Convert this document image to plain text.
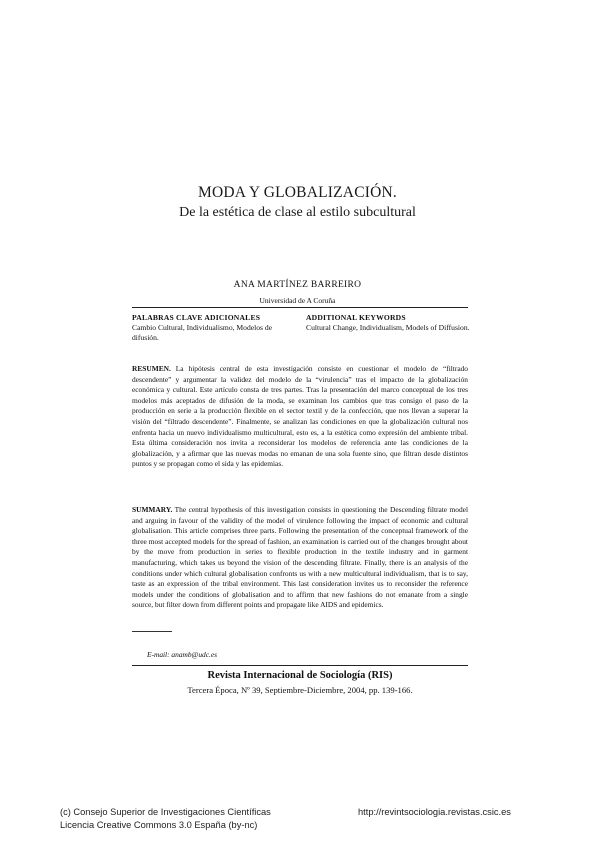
MODA Y GLOBALIZACIÓN.
De la estética de clase al estilo subcultural
ANA MARTÍNEZ BARREIRO
Universidad de A Coruña
PALABRAS CLAVE ADICIONALES
Cambio Cultural, Individualismo, Modelos de difusión.
ADDITIONAL KEYWORDS
Cultural Change, Individualism, Models of Diffusion.
RESUMEN. La hipótesis central de esta investigación consiste en cuestionar el modelo de “filtrado descendente” y argumentar la validez del modelo de la “virulencia” tras el impacto de la globalización económica y cultural. Este artículo consta de tres partes. Tras la presentación del marco conceptual de los tres modelos más aceptados de difusión de la moda, se examinan los cambios que tras consigo el paso de la producción en serie a la producción flexible en el sector textil y de la confección, que nos llevan a superar la visión del “filtrado descendente”. Finalmente, se analizan las condiciones en que la globalización cultural nos enfrenta hacia un nuevo individualismo multicultural, esto es, a la estética como expresión del ambiente tribal. Esta última consideración nos invita a reconsiderar los modelos de referencia ante las condiciones de la globalización, y a afirmar que las nuevas modas no emanan de una sola fuente sino, que filtran desde distintos puntos y se propagan como el sida y las epidemias.
SUMMARY. The central hypothesis of this investigation consists in questioning the Descending filtrate model and arguing in favour of the validity of the model of virulence following the impact of economic and cultural globalisation. This article comprises three parts. Following the presentation of the conceptual framework of the three most accepted models for the spread of fashion, an examination is carried out of the changes brought about by the move from production in series to flexible production in the textile industry and in garment manufacturing, which takes us beyond the vision of the descending filtrate. Finally, there is an analysis of the conditions under which cultural globalisation confronts us with a new multicultural individualism, that is to say, taste as an expression of the tribal environment. This last consideration invites us to reconsider the reference models under the conditions of globalisation and to affirm that new fashions do not emanate from a single source, but filter down from different points and propagate like AIDS and epidemics.
E-mail: anamb@udc.es
Revista Internacional de Sociología (RIS)
Tercera Época, Nº 39, Septiembre-Diciembre, 2004, pp. 139-166.
(c) Consejo Superior de Investigaciones Científicas
Licencia Creative Commons 3.0 España (by-nc)
http://revintsociologia.revistas.csic.es
